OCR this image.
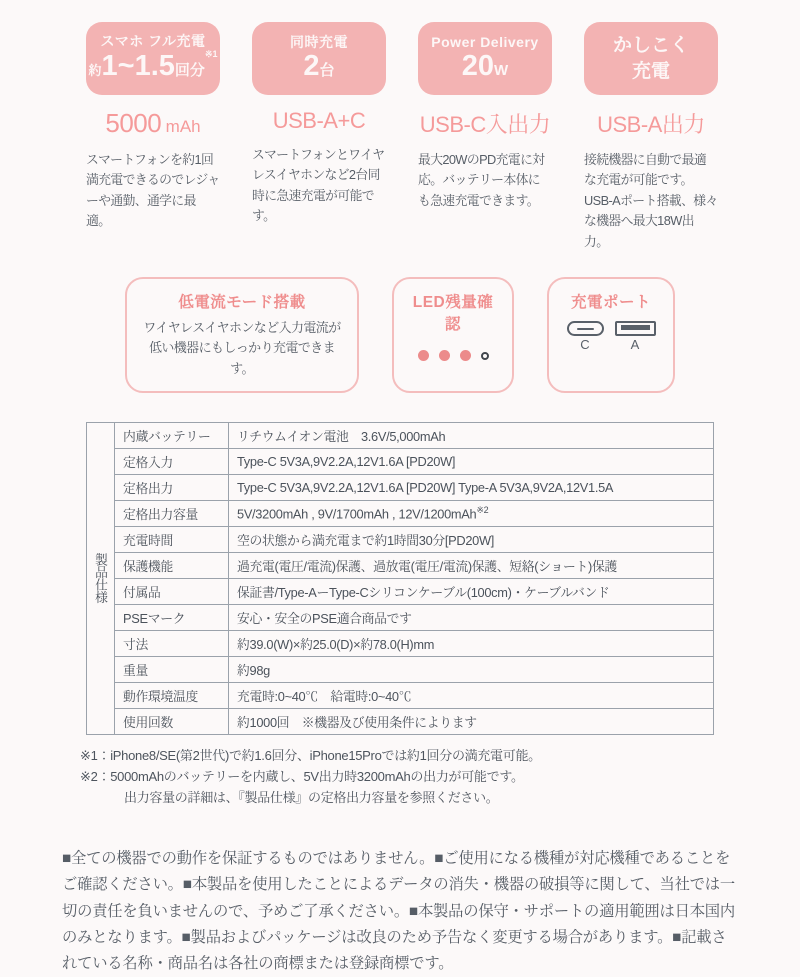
スマホ フル充電
約1~1.5回分$^{※1}$
5000 mAh

スマートフォンを約1回満充電できるのでレジャーや通勤、通学に最適。

同時充電
2台
USB-A+C

スマートフォンとワイヤレスイヤホンなど2台同時に急速充電が可能です。

Power Delivery
20W
USB-C入出力

最大20WのPD充電に対応。バッテリー本体にも急速充電できます。

かしこく
充電
USB-A出力

接続機器に自動で最適な充電が可能です。USB-Aポート搭載、様々な機器へ最大18W出力。

低電流モード搭載

ワイヤレスイヤホンなど入力電流が低い機器にもしっかり充電できます。

LED残量確認
充電ポート
C	A
製品仕様	内蔵バッテリー	リチウムイオン電池　3.6V/5,000mAh
	定格入力	Type-C 5V3A,9V2.2A,12V1.6A [PD20W]
	定格出力	Type-C 5V3A,9V2.2A,12V1.6A [PD20W] Type-A 5V3A,9V2A,12V1.5A
	定格出力容量	5V/3200mAh , 9V/1700mAh , 12V/1200mAh$^{※2}$
	充電時間	空の状態から満充電まで約1時間30分[PD20W]
	保護機能	過充電(電圧/電流)保護、過放電(電圧/電流)保護、短絡(ショート)保護
	付属品	保証書/Type-AーType-Cシリコンケーブル(100cm)・ケーブルバンド
	PSEマーク	安心・安全のPSE適合商品です
	寸法	約39.0(W)×約25.0(D)×約78.0(H)mm
	重量	約98g
	動作環境温度	充電時:0~40℃　給電時:0~40℃
	使用回数	約1000回　※機器及び使用条件によります

※1：iPhone8/SE(第2世代)で約1.6回分、iPhone15Proでは約1回分の満充電可能。

※2：5000mAhのバッテリーを内蔵し、5V出力時3200mAhの出力が可能です。

出力容量の詳細は、『製品仕様』の定格出力容量を参照ください。

■全ての機器での動作を保証するものではありません。■ご使用になる機種が対応機種であることをご確認ください。■本製品を使用したことによるデータの消失・機器の破損等に関して、当社では一切の責任を負いませんので、予めご了承ください。■本製品の保守・サポートの適用範囲は日本国内のみとなります。■製品およびパッケージは改良のため予告なく変更する場合があります。■記載されている名称・商品名は各社の商標または登録商標です。
